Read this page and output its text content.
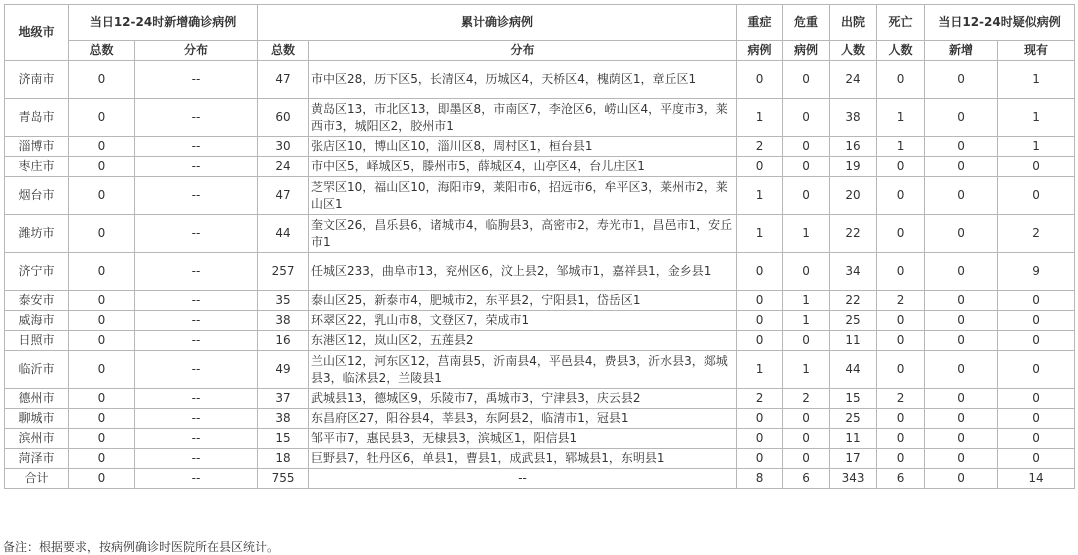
地级市	当日12-24时新增确诊病例		累计确诊病例		重症	危重	出院	死亡	当日12-24时疑似病例	
	总数	分布	总数	分布	病例	病例	人数	人数	新增	现有
济南市	0	--	47	市中区28，历下区5，长清区4，历城区4，天桥区4，槐荫区1，章丘区1	0	0	24	0	0	1
青岛市	0	--	60	黄岛区13，市北区13，即墨区8，市南区7，李沧区6，崂山区4，平度市3，莱西市3，城阳区2，胶州市1	1	0	38	1	0	1
淄博市	0	--	30	张店区10，博山区10，淄川区8，周村区1，桓台县1	2	0	16	1	0	1
枣庄市	0	--	24	市中区5，峄城区5，滕州市5，薛城区4，山亭区4，台儿庄区1	0	0	19	0	0	0
烟台市	0	--	47	芝罘区10，福山区10，海阳市9，莱阳市6，招远市6，牟平区3，莱州市2，莱山区1	1	0	20	0	0	0
潍坊市	0	--	44	奎文区26，昌乐县6，诸城市4，临朐县3，高密市2，寿光市1，昌邑市1，安丘市1	1	1	22	0	0	2
济宁市	0	--	257	任城区233，曲阜市13，兖州区6，汶上县2，邹城市1，嘉祥县1，金乡县1	0	0	34	0	0	9
泰安市	0	--	35	泰山区25，新泰市4，肥城市2，东平县2，宁阳县1，岱岳区1	0	1	22	2	0	0
威海市	0	--	38	环翠区22，乳山市8，文登区7，荣成市1	0	1	25	0	0	0
日照市	0	--	16	东港区12，岚山区2，五莲县2	0	0	11	0	0	0
临沂市	0	--	49	兰山区12，河东区12，莒南县5，沂南县4，平邑县4，费县3，沂水县3，郯城县3，临沭县2，兰陵县1	1	1	44	0	0	0
德州市	0	--	37	武城县13，德城区9，乐陵市7，禹城市3，宁津县3，庆云县2	2	2	15	2	0	0
聊城市	0	--	38	东昌府区27，阳谷县4，莘县3，东阿县2，临清市1，冠县1	0	0	25	0	0	0
滨州市	0	--	15	邹平市7，惠民县3，无棣县3，滨城区1，阳信县1	0	0	11	0	0	0
菏泽市	0	--	18	巨野县7，牡丹区6，单县1，曹县1，成武县1，郓城县1，东明县1	0	0	17	0	0	0
合计	0	--	755	--	8	6	343	6	0	14
备注：根据要求，按病例确诊时医院所在县区统计。
